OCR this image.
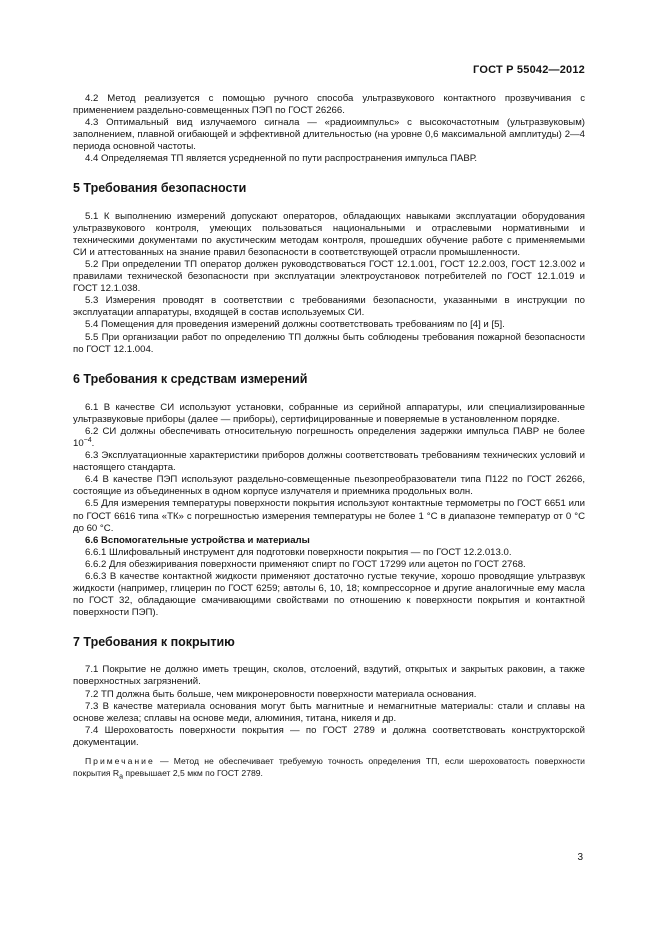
ГОСТ Р 55042—2012

4.2 Метод реализуется с помощью ручного способа ультразвукового контактного прозвучивания с применением раздельно-совмещенных ПЭП по ГОСТ 26266.

4.3 Оптимальный вид излучаемого сигнала — «радиоимпульс» с высокочастотным (ультразвуковым) заполнением, плавной огибающей и эффективной длительностью (на уровне 0,6 максимальной амплитуды) 2—4 периода основной частоты.

4.4 Определяемая ТП является усредненной по пути распространения импульса ПАВР.

5 Требования безопасности

5.1 К выполнению измерений допускают операторов, обладающих навыками эксплуатации оборудования ультразвукового контроля, умеющих пользоваться национальными и отраслевыми нормативными и техническими документами по акустическим методам контроля, прошедших обучение работе с применяемыми СИ и аттестованных на знание правил безопасности в соответствующей отрасли промышленности.

5.2 При определении ТП оператор должен руководствоваться ГОСТ 12.1.001, ГОСТ 12.2.003, ГОСТ 12.3.002 и правилами технической безопасности при эксплуатации электроустановок потребителей по ГОСТ 12.1.019 и ГОСТ 12.1.038.

5.3 Измерения проводят в соответствии с требованиями безопасности, указанными в инструкции по эксплуатации аппаратуры, входящей в состав используемых СИ.

5.4 Помещения для проведения измерений должны соответствовать требованиям по [4] и [5].

5.5 При организации работ по определению ТП должны быть соблюдены требования пожарной безопасности по ГОСТ 12.1.004.

6 Требования к средствам измерений

6.1 В качестве СИ используют установки, собранные из серийной аппаратуры, или специализированные ультразвуковые приборы (далее — приборы), сертифицированные и поверяемые в установленном порядке.

6.2 СИ должны обеспечивать относительную погрешность определения задержки импульса ПАВР не более $10^{-4}$.

6.3 Эксплуатационные характеристики приборов должны соответствовать требованиям технических условий и настоящего стандарта.

6.4 В качестве ПЭП используют раздельно-совмещенные пьезопреобразователи типа П122 по ГОСТ 26266, состоящие из объединенных в одном корпусе излучателя и приемника продольных волн.

6.5 Для измерения температуры поверхности покрытия используют контактные термометры по ГОСТ 6651 или по ГОСТ 6616 типа «ТК» с погрешностью измерения температуры не более 1 °С в диапазоне температур от 0 °С до 60 °С.

6.6 Вспомогательные устройства и материалы

6.6.1 Шлифовальный инструмент для подготовки поверхности покрытия — по ГОСТ 12.2.013.0.

6.6.2 Для обезжиривания поверхности применяют спирт по ГОСТ 17299 или ацетон по ГОСТ 2768.

6.6.3 В качестве контактной жидкости применяют достаточно густые текучие, хорошо проводящие ультразвук жидкости (например, глицерин по ГОСТ 6259; автолы 6, 10, 18; компрессорное и другие аналогичные ему масла по ГОСТ 32, обладающие смачивающими свойствами по отношению к поверхности покрытия и контактной поверхности ПЭП).

7 Требования к покрытию

7.1 Покрытие не должно иметь трещин, сколов, отслоений, вздутий, открытых и закрытых раковин, а также поверхностных загрязнений.

7.2 ТП должна быть больше, чем микронеровности поверхности материала основания.

7.3 В качестве материала основания могут быть магнитные и немагнитные материалы: стали и сплавы на основе железа; сплавы на основе меди, алюминия, титана, никеля и др.

7.4 Шероховатость поверхности покрытия — по ГОСТ 2789 и должна соответствовать конструкторской документации.

Примечание — Метод не обеспечивает требуемую точность определения ТП, если шероховатость поверхности покрытия $R_a$ превышает 2,5 мкм по ГОСТ 2789.

3
